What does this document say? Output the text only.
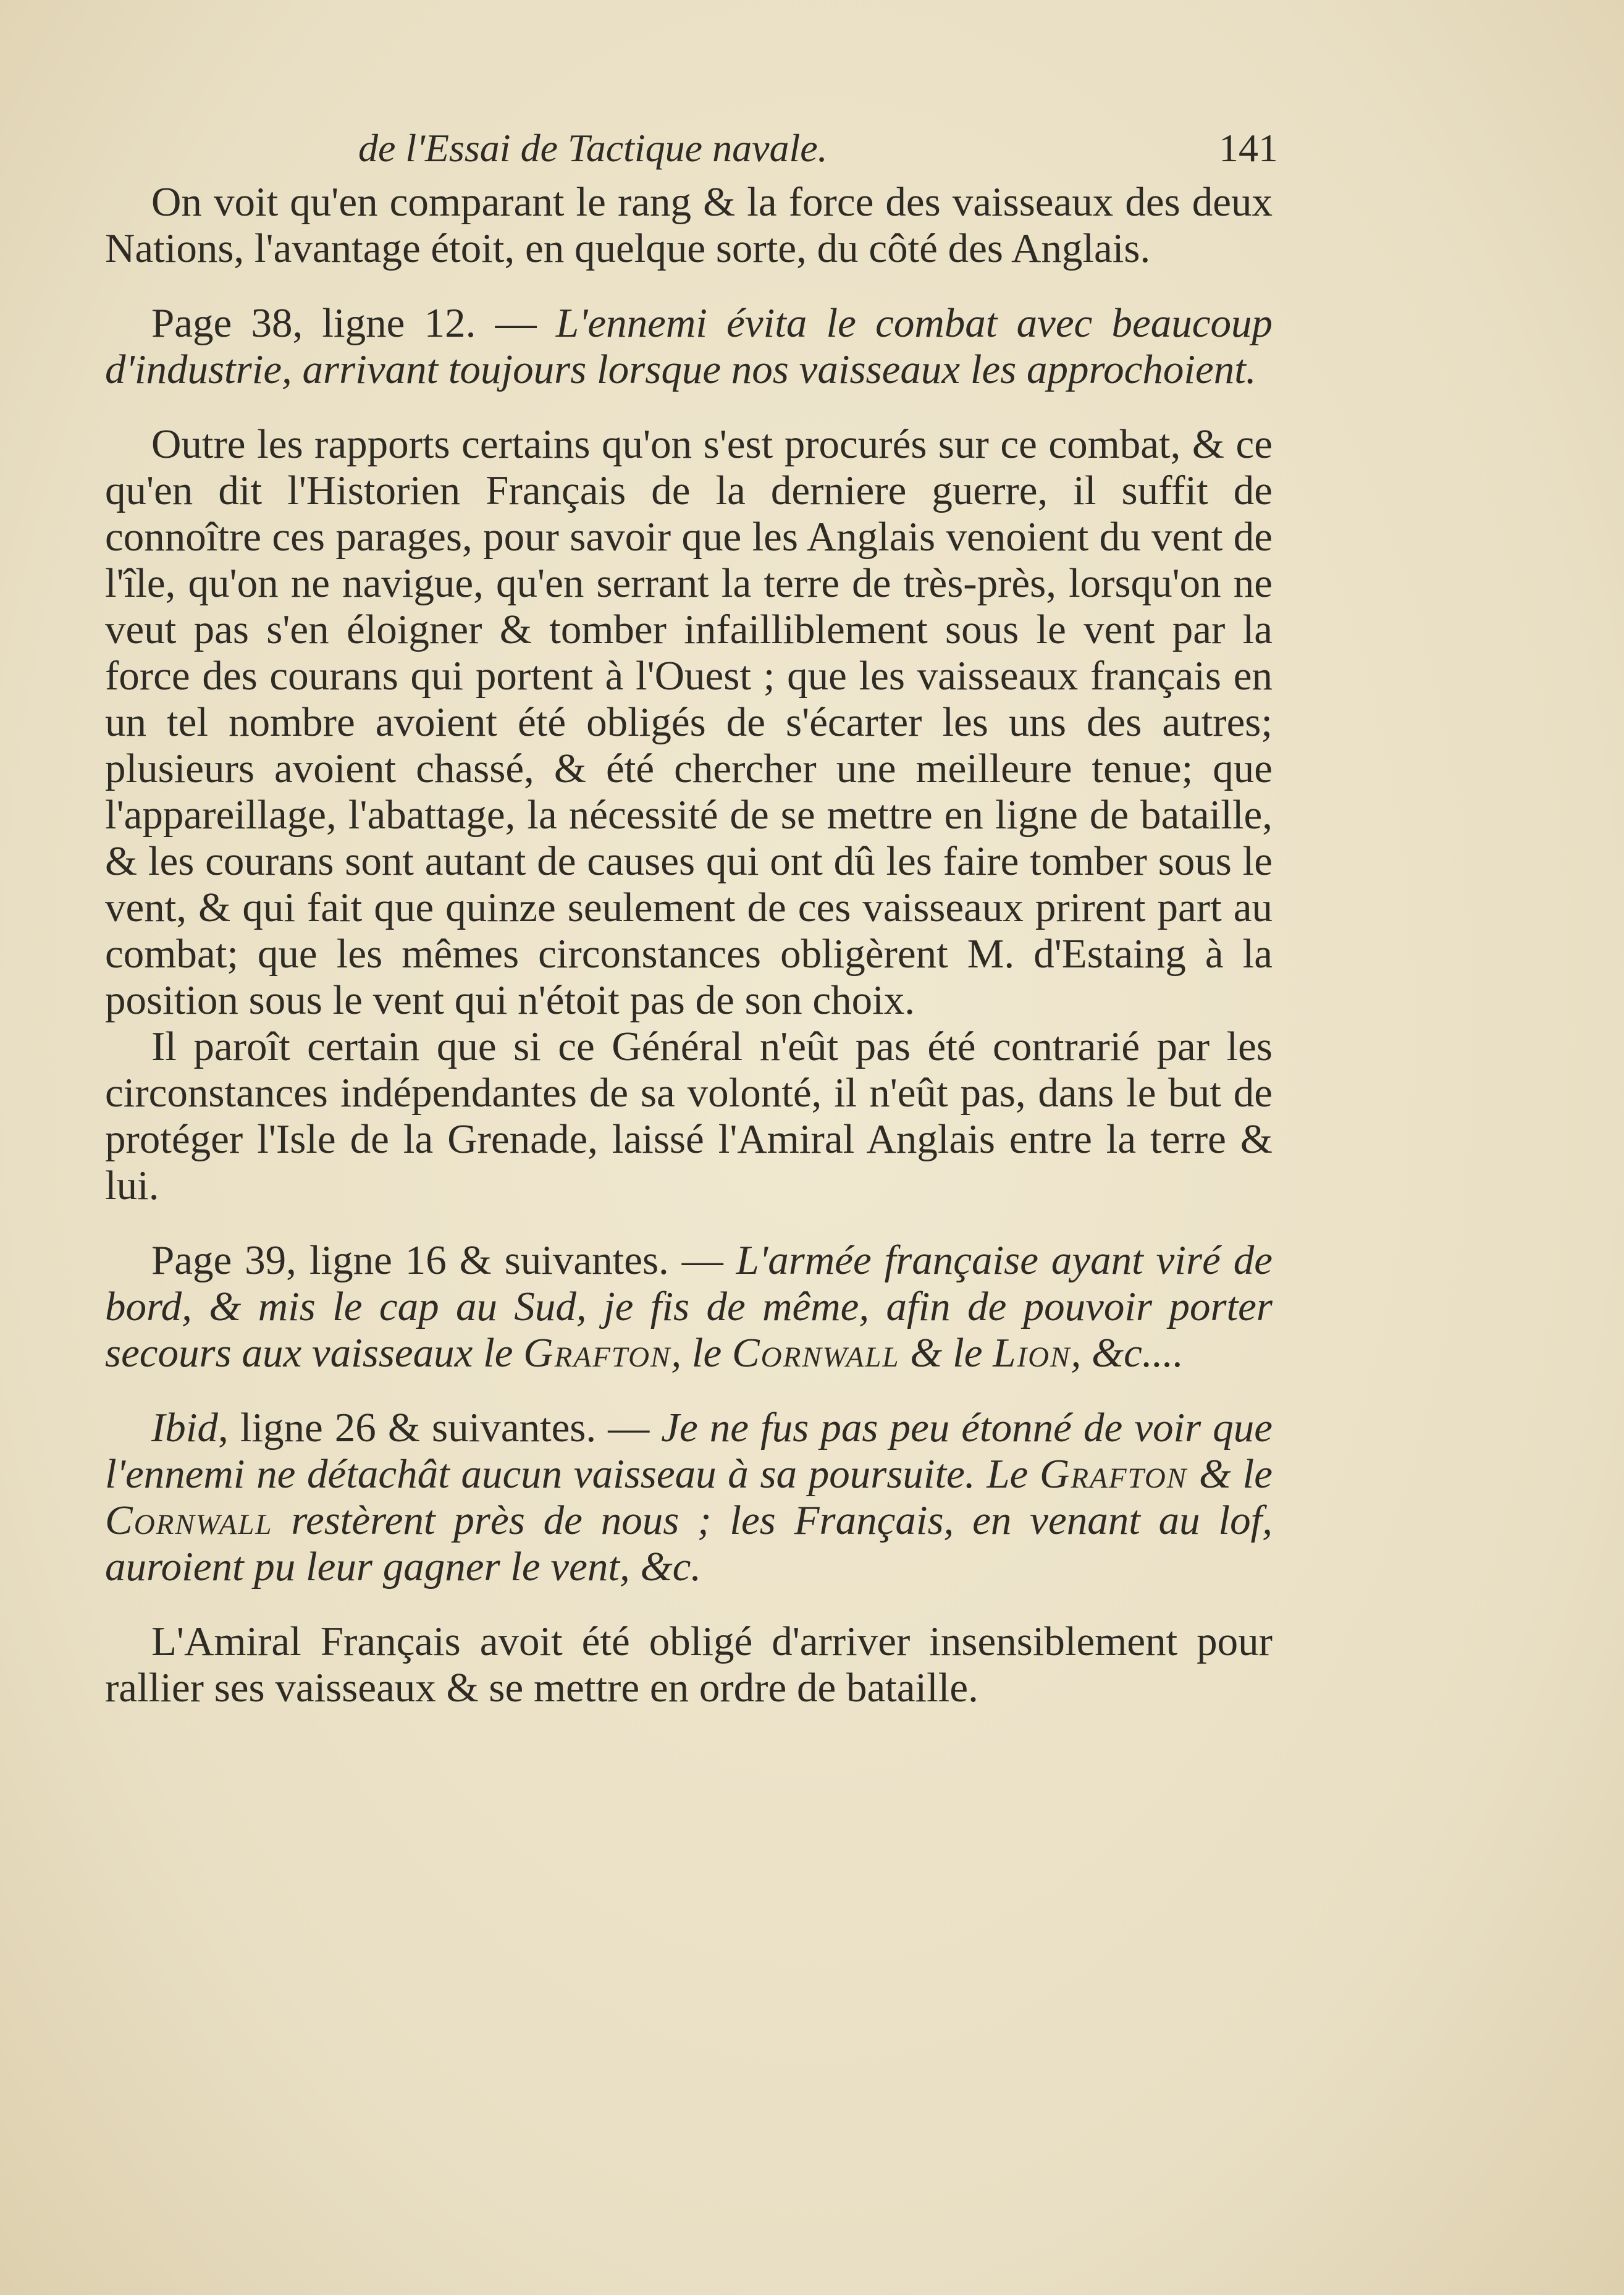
de l'Essai de Tactique navale.	141

On voit qu'en comparant le rang & la force des vaisseaux des deux Nations, l'avantage étoit, en quelque sorte, du côté des Anglais.

Page 38, ligne 12. — L'ennemi évita le combat avec beaucoup d'industrie, arrivant toujours lorsque nos vaisseaux les approchoient.

Outre les rapports certains qu'on s'est procurés sur ce combat, & ce qu'en dit l'Historien Français de la derniere guerre, il suffit de connoître ces parages, pour savoir que les Anglais venoient du vent de l'île, qu'on ne navigue, qu'en serrant la terre de très-près, lorsqu'on ne veut pas s'en éloigner & tomber infailliblement sous le vent par la force des courans qui portent à l'Ouest ; que les vaisseaux français en un tel nombre avoient été obligés de s'écarter les uns des autres; plusieurs avoient chassé, & été chercher une meilleure tenue; que l'appareillage, l'abattage, la nécessité de se mettre en ligne de bataille, & les courans sont autant de causes qui ont dû les faire tomber sous le vent, & qui fait que quinze seulement de ces vaisseaux prirent part au combat; que les mêmes circonstances obligèrent M. d'Estaing à la position sous le vent qui n'étoit pas de son choix.

Il paroît certain que si ce Général n'eût pas été contrarié par les circonstances indépendantes de sa volonté, il n'eût pas, dans le but de protéger l'Isle de la Grenade, laissé l'Amiral Anglais entre la terre & lui.

Page 39, ligne 16 & suivantes. — L'armée française ayant viré de bord, & mis le cap au Sud, je fis de même, afin de pouvoir porter secours aux vaisseaux le Grafton, le Cornwall & le Lion, &c....

Ibid, ligne 26 & suivantes. — Je ne fus pas peu étonné de voir que l'ennemi ne détachât aucun vaisseau à sa poursuite. Le Grafton & le Cornwall restèrent près de nous ; les Français, en venant au lof, auroient pu leur gagner le vent, &c.

L'Amiral Français avoit été obligé d'arriver insensiblement pour rallier ses vaisseaux & se mettre en ordre de bataille.
